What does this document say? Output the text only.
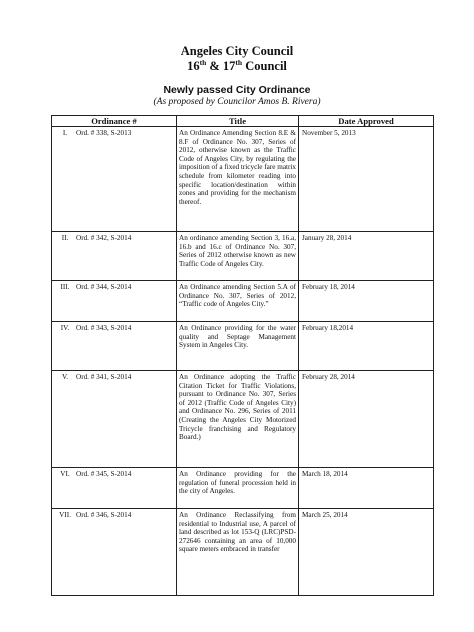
Angeles City Council
16th & 17th Council
Newly passed City Ordinance
(As proposed by Councilor Amos B. Rivera)
Ordinance #	Title	Date Approved
I. Ord. # 338, S-2013	An Ordinance Amending Section 8.E & 8.F of Ordinance No. 307, Series of 2012, otherwise known as the Traffic Code of Angeles City, by regulating the imposition of a fixed tricycle fare matrix schedule from kilometer reading into specific location/destination within zones and providing for the mechanism thereof.	November 5, 2013
II. Ord. # 342, S-2014	An ordinance amending Section 3, 16.a, 16.b and 16.c of Ordinance No. 307, Series of 2012 otherwise known as new Traffic Code of Angeles City.	January 28, 2014
III. Ord. # 344, S-2014	An Ordinance amending Section 5.A of Ordinance No. 307, Series of 2012, “Traffic code of Angeles City.”	February 18, 2014
IV. Ord. # 343, S-2014	An Ordinance providing for the water quality and Septage Management System in Angeles City.	February 18,2014
V. Ord. # 341, S-2014	An Ordinance adopting the Traffic Citation Ticket for Traffic Violations, pursuant to Ordinance No. 307, Series of 2012 (Traffic Code of Angeles City) and Ordinance No. 296, Series of 2011 (Creating the Angeles City Motorized Tricycle franchising and Regulatory Board.)	February 28, 2014
VI. Ord. # 345, S-2014	An Ordinance providing for the regulation of funeral procession held in the city of Angeles.	March 18, 2014
VII. Ord. # 346, S-2014	An Ordinance Reclassifying from residential to Industrial use, A parcel of land described as lot 153-Q (LRC)PSD-272646 containing an area of 10,000 square meters embraced in transfer	March 25, 2014
